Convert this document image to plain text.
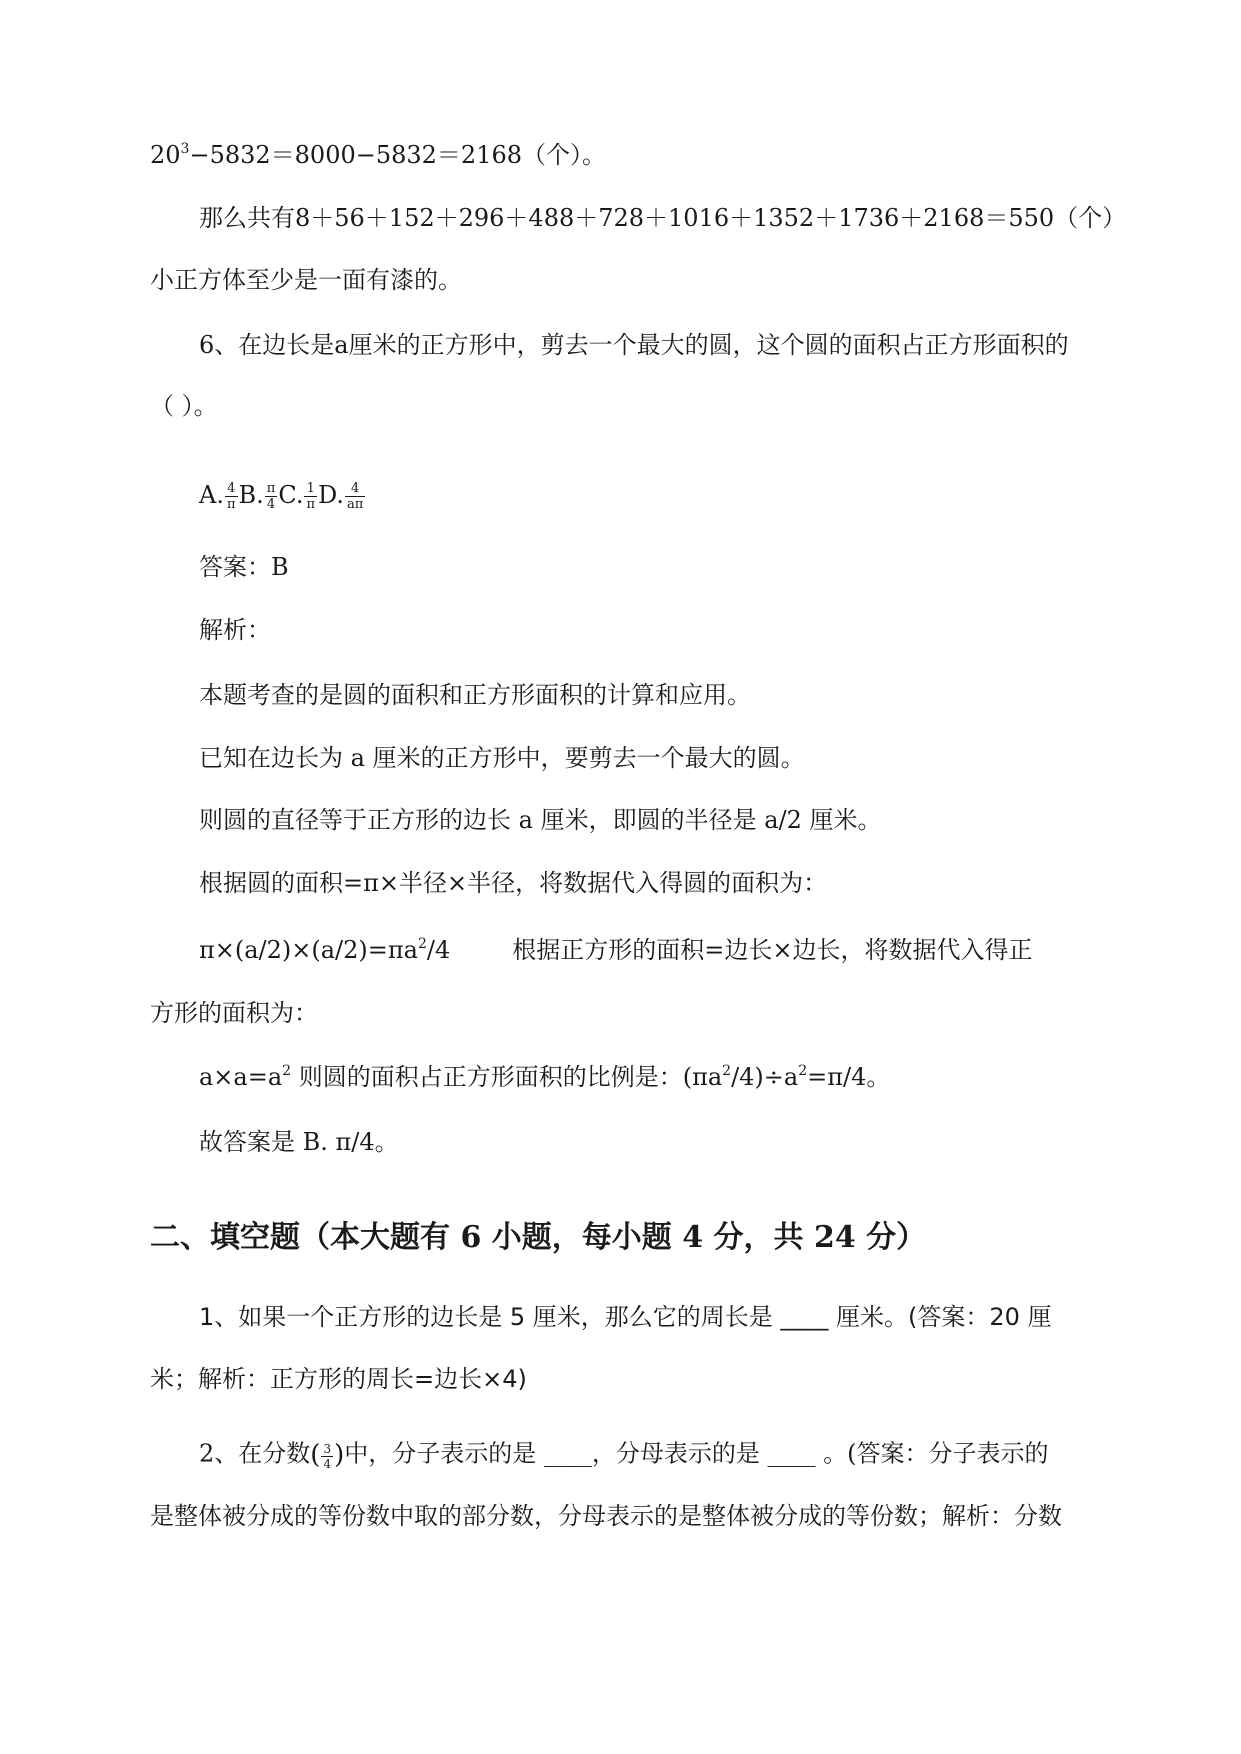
$20^3-5832=8000-5832=2168$（个）。
那么共有8＋56＋152＋296＋488＋728＋1016＋1352＋1736＋2168＝550（个）
小正方体至少是一面有漆的。
6、在边长是a厘米的正方形中，剪去一个最大的圆，这个圆的面积占正方形面积的
（ ）。
A. $\frac{4}{\pi} B$. $\frac{\pi}{4} C$. $\frac{1}{\pi} D$. $\frac{4}{a\pi}$
答案：B
解析：
本题考查的是圆的面积和正方形面积的计算和应用。
已知在边长为 a 厘米的正方形中，要剪去一个最大的圆。
则圆的直径等于正方形的边长 a 厘米，即圆的半径是 a/2 厘米。
根据圆的面积=π×半径×半径，将数据代入得圆的面积为：
$\pi\times(a/2)\times(a/2)=\pi a^2/4$	根据正方形的面积=边长×边长，将数据代入得正
方形的面积为：
$a\times a=a^2$ 则圆的面积占正方形面积的比例是：$(\pi a^2/4)\div a^2=\pi/4$。
故答案是 B. π/4。
二、填空题（本大题有 6 小题，每小题 4 分，共 24 分）
1、如果一个正方形的边长是 5 厘米，那么它的周长是 ____ 厘米。(答案：20 厘
米；解析：正方形的周长=边长×4)
2、在分数( $\frac{3}{4}$ )中，分子表示的是 ____，分母表示的是 ____ 。(答案：分子表示的
是整体被分成的等份数中取的部分数，分母表示的是整体被分成的等份数；解析：分数
